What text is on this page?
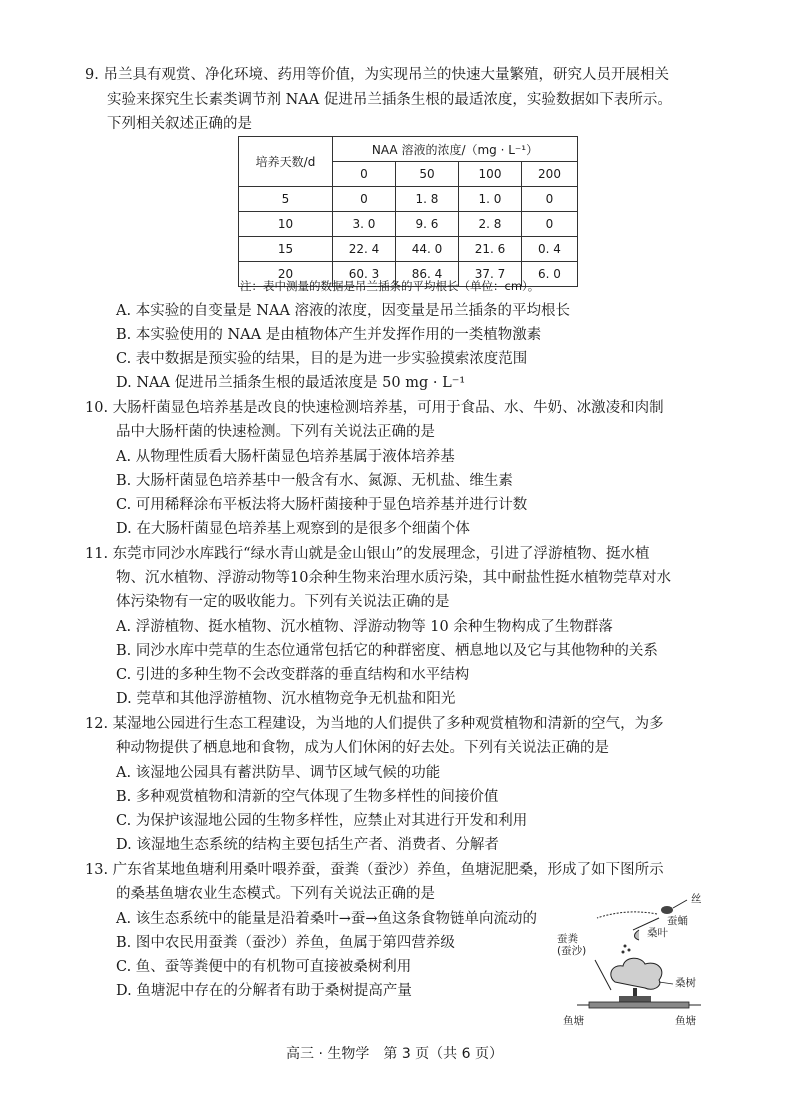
9. 吊兰具有观赏、净化环境、药用等价值，为实现吊兰的快速大量繁殖，研究人员开展相关
实验来探究生长素类调节剂 NAA 促进吊兰插条生根的最适浓度，实验数据如下表所示。
下列相关叙述正确的是
培养天数/d	NAA 溶液的浓度/（mg · L⁻¹）			
	0	50	100	200
5	0	1. 8	1. 0	0
10	3. 0	9. 6	2. 8	0
15	22. 4	44. 0	21. 6	0. 4
20	60. 3	86. 4	37. 7	6. 0
注：表中测量的数据是吊兰插条的平均根长（单位：cm）。
A. 本实验的自变量是 NAA 溶液的浓度，因变量是吊兰插条的平均根长
B. 本实验使用的 NAA 是由植物体产生并发挥作用的一类植物激素
C. 表中数据是预实验的结果，目的是为进一步实验摸索浓度范围
D. NAA 促进吊兰插条生根的最适浓度是 50 mg · L⁻¹
10. 大肠杆菌显色培养基是改良的快速检测培养基，可用于食品、水、牛奶、冰激凌和肉制
品中大肠杆菌的快速检测。下列有关说法正确的是
A. 从物理性质看大肠杆菌显色培养基属于液体培养基
B. 大肠杆菌显色培养基中一般含有水、氮源、无机盐、维生素
C. 可用稀释涂布平板法将大肠杆菌接种于显色培养基并进行计数
D. 在大肠杆菌显色培养基上观察到的是很多个细菌个体
11. 东莞市同沙水库践行“绿水青山就是金山银山”的发展理念，引进了浮游植物、挺水植
物、沉水植物、浮游动物等10余种生物来治理水质污染，其中耐盐性挺水植物莞草对水
体污染物有一定的吸收能力。下列有关说法正确的是
A. 浮游植物、挺水植物、沉水植物、浮游动物等 10 余种生物构成了生物群落
B. 同沙水库中莞草的生态位通常包括它的种群密度、栖息地以及它与其他物种的关系
C. 引进的多种生物不会改变群落的垂直结构和水平结构
D. 莞草和其他浮游植物、沉水植物竞争无机盐和阳光
12. 某湿地公园进行生态工程建设，为当地的人们提供了多种观赏植物和清新的空气，为多
种动物提供了栖息地和食物，成为人们休闲的好去处。下列有关说法正确的是
A. 该湿地公园具有蓄洪防旱、调节区域气候的功能
B. 多种观赏植物和清新的空气体现了生物多样性的间接价值
C. 为保护该湿地公园的生物多样性，应禁止对其进行开发和利用
D. 该湿地生态系统的结构主要包括生产者、消费者、分解者
13. 广东省某地鱼塘利用桑叶喂养蚕，蚕粪（蚕沙）养鱼，鱼塘泥肥桑，形成了如下图所示
的桑基鱼塘农业生态模式。下列有关说法正确的是
A. 该生态系统中的能量是沿着桑叶→蚕→鱼这条食物链单向流动的
B. 图中农民用蚕粪（蚕沙）养鱼，鱼属于第四营养级
C. 鱼、蚕等粪便中的有机物可直接被桑树利用
D. 鱼塘泥中存在的分解者有助于桑树提高产量
丝
蚕蛹
桑叶
蚕粪
(蚕沙)
桑树
鱼塘	鱼塘
高三 · 生物学　第 3 页（共 6 页）
